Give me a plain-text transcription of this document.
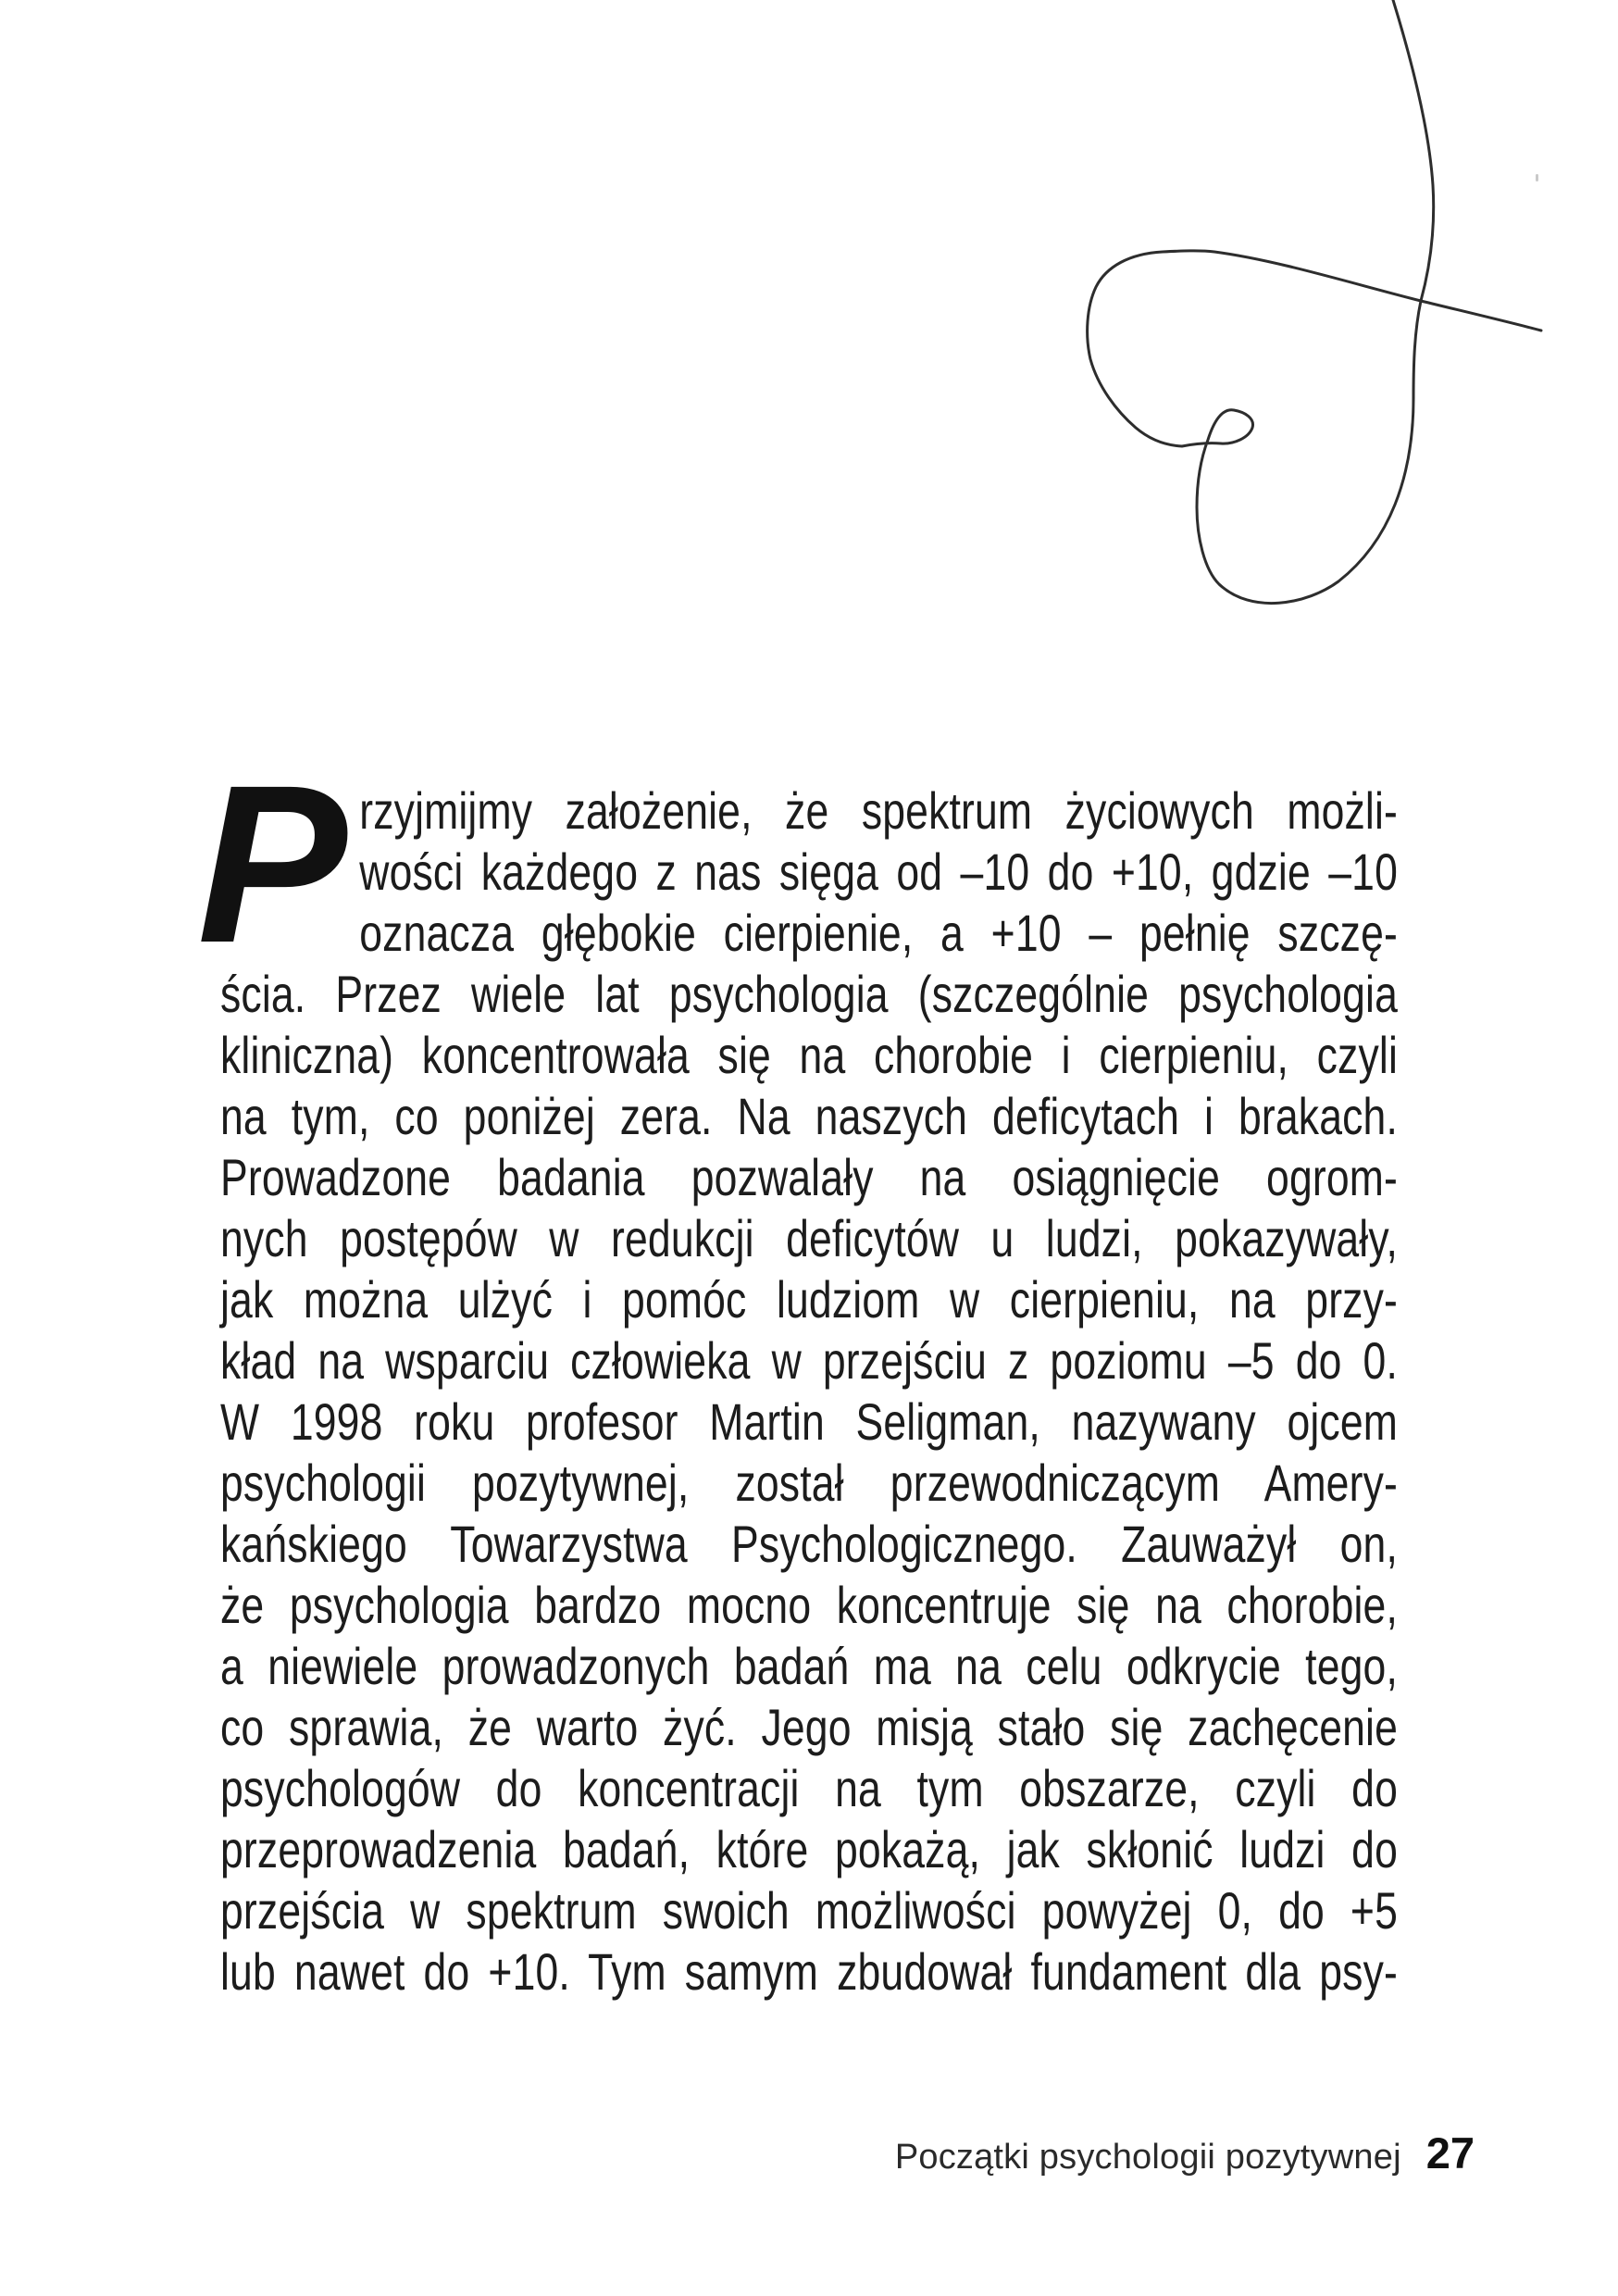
P rzyjmijmy założenie, że spektrum życiowych możli-
wości każdego z nas sięga od –10 do +10, gdzie –10
oznacza głębokie cierpienie, a +10 – pełnię szczę-
ścia. Przez wiele lat psychologia (szczególnie psychologia
kliniczna) koncentrowała się na chorobie i cierpieniu, czyli
na tym, co poniżej zera. Na naszych deficytach i brakach.
Prowadzone badania pozwalały na osiągnięcie ogrom-
nych postępów w redukcji deficytów u ludzi, pokazywały,
jak można ulżyć i pomóc ludziom w cierpieniu, na przy-
kład na wsparciu człowieka w przejściu z poziomu –5 do 0.
W 1998 roku profesor Martin Seligman, nazywany ojcem
psychologii pozytywnej, został przewodniczącym Amery-
kańskiego Towarzystwa Psychologicznego. Zauważył on,
że psychologia bardzo mocno koncentruje się na chorobie,
a niewiele prowadzonych badań ma na celu odkrycie tego,
co sprawia, że warto żyć. Jego misją stało się zachęcenie
psychologów do koncentracji na tym obszarze, czyli do
przeprowadzenia badań, które pokażą, jak skłonić ludzi do
przejścia w spektrum swoich możliwości powyżej 0, do +5
lub nawet do +10. Tym samym zbudował fundament dla psy-
Początki psychologii pozytywnej 27
